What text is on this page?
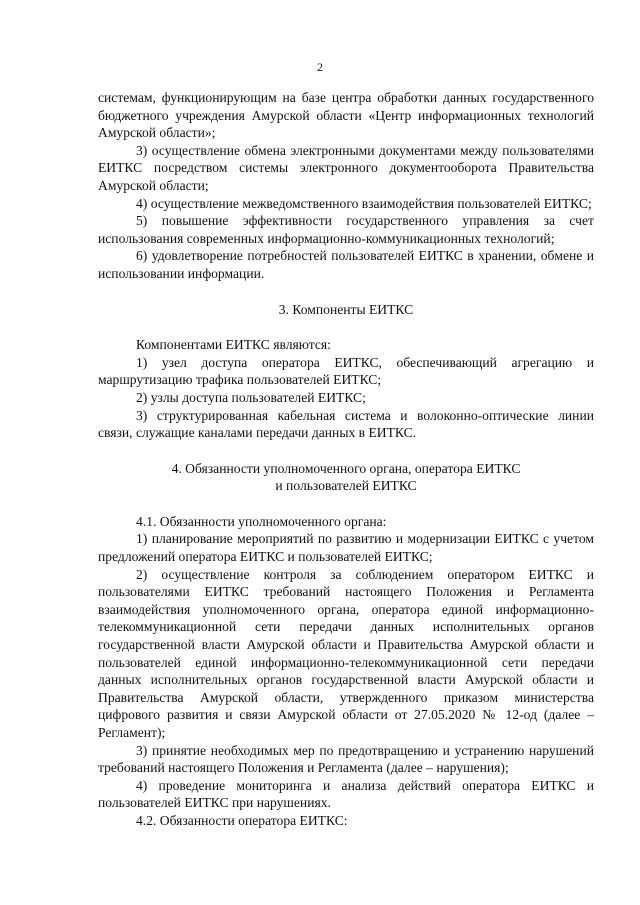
2

системам, функционирующим на базе центра обработки данных государственного бюджетного учреждения Амурской области «Центр информационных технологий Амурской области»;

3) осуществление обмена электронными документами между пользователями ЕИТКС посредством системы электронного документооборота Правительства Амурской области;

4) осуществление межведомственного взаимодействия пользователей ЕИТКС;

5) повышение эффективности государственного управления за счет использования современных информационно-коммуникационных технологий;

6) удовлетворение потребностей пользователей ЕИТКС в хранении, обмене и использовании информации.

3. Компоненты ЕИТКС

Компонентами ЕИТКС являются:

1) узел доступа оператора ЕИТКС, обеспечивающий агрегацию и маршрутизацию трафика пользователей ЕИТКС;

2) узлы доступа пользователей ЕИТКС;

3) структурированная кабельная система и волоконно-оптические линии связи, служащие каналами передачи данных в ЕИТКС.

4. Обязанности уполномоченного органа, оператора ЕИТКС
и пользователей ЕИТКС

4.1. Обязанности уполномоченного органа:

1) планирование мероприятий по развитию и модернизации ЕИТКС с учетом предложений оператора ЕИТКС и пользователей ЕИТКС;

2) осуществление контроля за соблюдением оператором ЕИТКС и пользователями ЕИТКС требований настоящего Положения и Регламента взаимодействия уполномоченного органа, оператора единой информационно-телекоммуникационной сети передачи данных исполнительных органов государственной власти Амурской области и Правительства Амурской области и пользователей единой информационно-телекоммуникационной сети передачи данных исполнительных органов государственной власти Амурской области и Правительства Амурской области, утвержденного приказом министерства цифрового развития и связи Амурской области от 27.05.2020 № 12-од (далее – Регламент);

3) принятие необходимых мер по предотвращению и устранению нарушений требований настоящего Положения и Регламента (далее – нарушения);

4) проведение мониторинга и анализа действий оператора ЕИТКС и пользователей ЕИТКС при нарушениях.

4.2. Обязанности оператора ЕИТКС:
